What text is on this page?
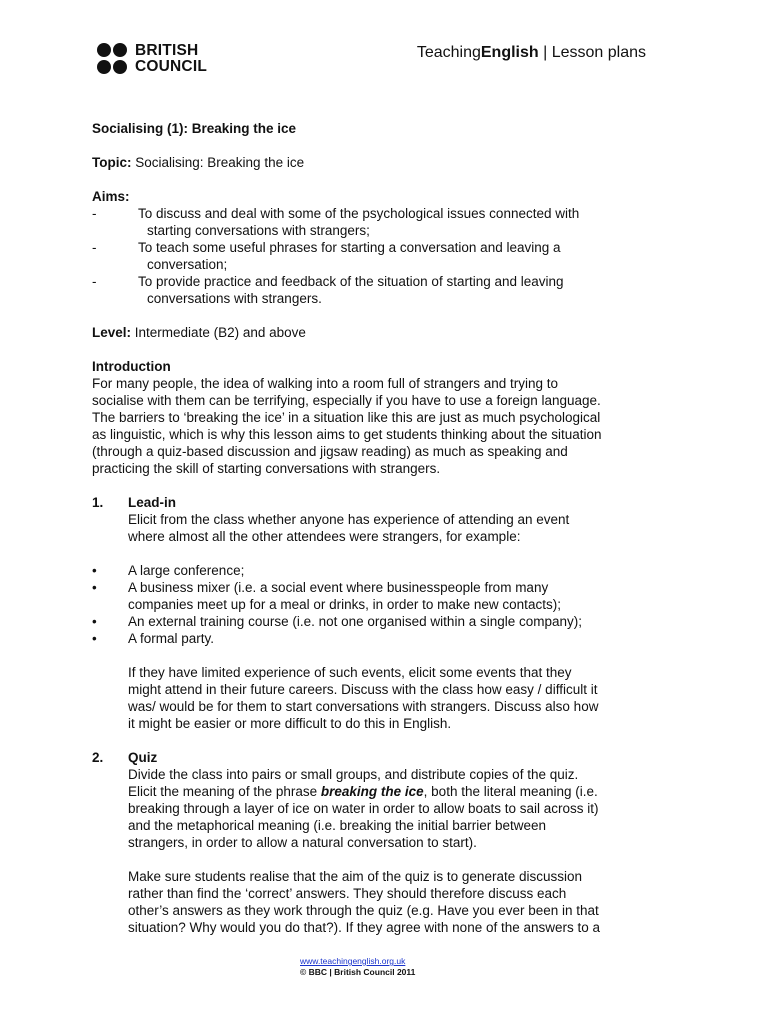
BRITISH
COUNCIL
TeachingEnglish | Lesson plans
Socialising (1): Breaking the ice
Topic: Socialising: Breaking the ice
Aims:
-	To discuss and deal with some of the psychological issues connected with
starting conversations with strangers;
-	To teach some useful phrases for starting a conversation and leaving a
conversation;
-	To provide practice and feedback of the situation of starting and leaving
conversations with strangers.
Level: Intermediate (B2) and above
Introduction
For many people, the idea of walking into a room full of strangers and trying to
socialise with them can be terrifying, especially if you have to use a foreign language.
The barriers to ‘breaking the ice’ in a situation like this are just as much psychological
as linguistic, which is why this lesson aims to get students thinking about the situation
(through a quiz-based discussion and jigsaw reading) as much as speaking and
practicing the skill of starting conversations with strangers.
1. Lead-in
Elicit from the class whether anyone has experience of attending an event
where almost all the other attendees were strangers, for example:
• A large conference;
• A business mixer (i.e. a social event where businesspeople from many
companies meet up for a meal or drinks, in order to make new contacts);
• An external training course (i.e. not one organised within a single company);
• A formal party.
If they have limited experience of such events, elicit some events that they
might attend in their future careers. Discuss with the class how easy / difficult it
was/ would be for them to start conversations with strangers. Discuss also how
it might be easier or more difficult to do this in English.
2. Quiz
Divide the class into pairs or small groups, and distribute copies of the quiz.
Elicit the meaning of the phrase breaking the ice, both the literal meaning (i.e.
breaking through a layer of ice on water in order to allow boats to sail across it)
and the metaphorical meaning (i.e. breaking the initial barrier between
strangers, in order to allow a natural conversation to start).
Make sure students realise that the aim of the quiz is to generate discussion
rather than find the ‘correct’ answers. They should therefore discuss each
other’s answers as they work through the quiz (e.g. Have you ever been in that
situation? Why would you do that?). If they agree with none of the answers to a
www.teachingenglish.org.uk
© BBC | British Council 2011
